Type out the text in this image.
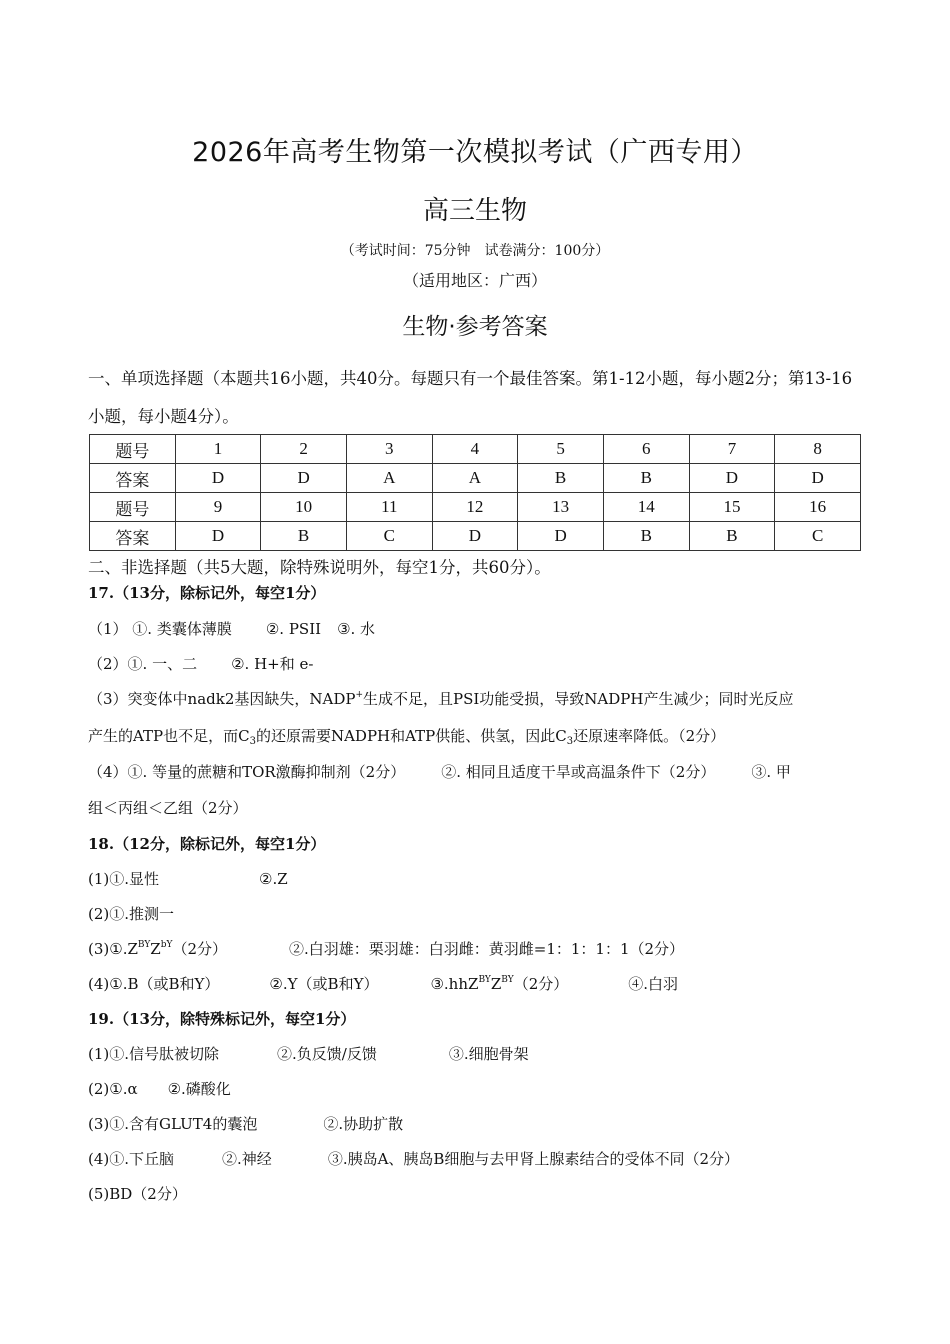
2026年高考生物第一次模拟考试（广西专用）
高三生物
（考试时间：75分钟　试卷满分：100分）
（适用地区：广西）
生物·参考答案
一、单项选择题（本题共16小题，共40分。每题只有一个最佳答案。第1-12小题，每小题2分；第13-16小题，每小题4分）。
题号	1	2	3	4	5	6	7	8
答案	D	D	A	A	B	B	D	D
题号	9	10	11	12	13	14	15	16
答案	D	B	C	D	D	B	B	C
二、非选择题（共5大题，除特殊说明外，每空1分，共60分）。
17.（13分，除标记外，每空1分）
（1） ①. 类囊体薄膜 ②. PSII ③. 水
（2）①. 一、二 ②. H+和 e-
（3）突变体中nadk2基因缺失，NADP+生成不足，且PSI功能受损，导致NADPH产生减少；同时光反应
产生的ATP也不足，而$C_3$的还原需要NADPH和ATP供能、供氢，因此$C_3$还原速率降低。（2分）
（4）①. 等量的蔗糖和TOR激酶抑制剂（2分） ②. 相同且适度干旱或高温条件下（2分） ③. 甲
组＜丙组＜乙组（2分）
18.（12分，除标记外，每空1分）
(1)①.显性	②.Z
(2)①.推测一
$(3)①.Z^{BY}Z^{bY}(2$分）	②.白羽雄：栗羽雄：白羽雌：黄羽雌=1：1：1：1（2分）
(4)①.B（或B和Y）	②.Y（或B和Y）	$③.hhZ^{BY}Z^{BY}(2$分）	④.白羽
19.（13分，除特殊标记外，每空1分）
(1)①.信号肽被切除	②.负反馈/反馈	③.细胞骨架
(2)①.α ②.磷酸化
(3)①.含有GLUT4的囊泡	②.协助扩散
(4)①.下丘脑	②.神经	③.胰岛A、胰岛B细胞与去甲肾上腺素结合的受体不同（2分）
(5)BD（2分）
